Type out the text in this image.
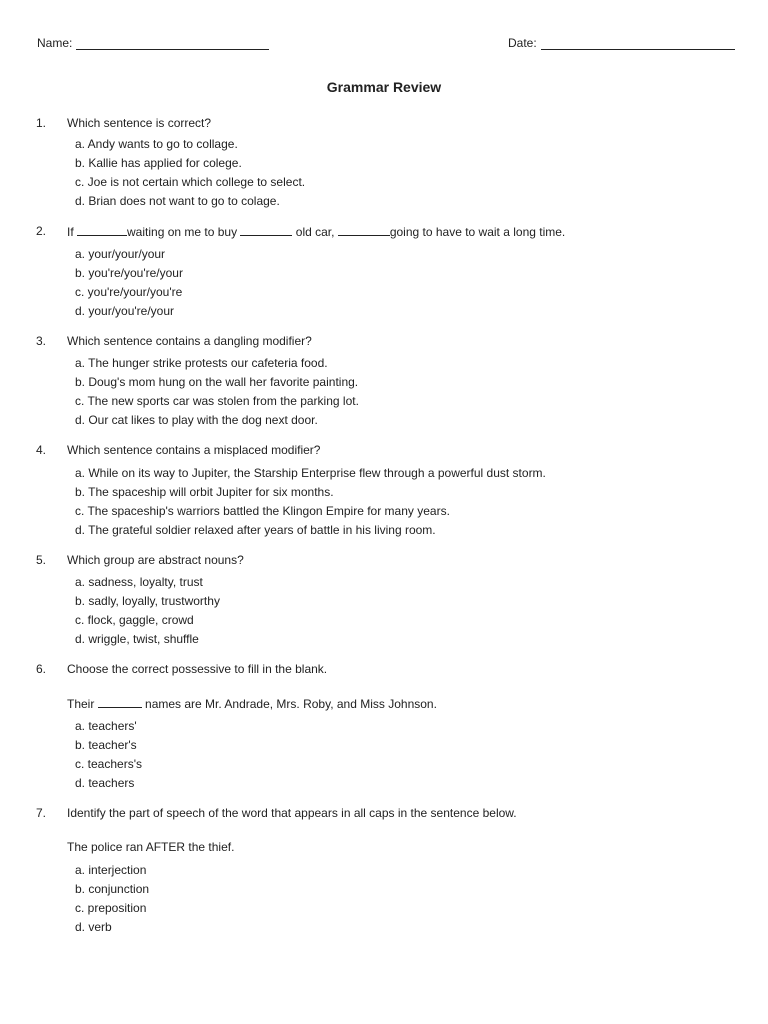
Name:	Date:
Grammar Review
1. Which sentence is correct?
a. Andy wants to go to collage.
b. Kallie has applied for colege.
c. Joe is not certain which college to select.
d. Brian does not want to go to colage.
2. If	waiting on me to buy	old car,	going to have to wait a long time.
a. your/your/your
b. you're/you're/your
c. you're/your/you're
d. your/you're/your
3. Which sentence contains a dangling modifier?
a. The hunger strike protests our cafeteria food.
b. Doug's mom hung on the wall her favorite painting.
c. The new sports car was stolen from the parking lot.
d. Our cat likes to play with the dog next door.
4. Which sentence contains a misplaced modifier?
a. While on its way to Jupiter, the Starship Enterprise flew through a powerful dust storm.
b. The spaceship will orbit Jupiter for six months.
c. The spaceship's warriors battled the Klingon Empire for many years.
d. The grateful soldier relaxed after years of battle in his living room.
5. Which group are abstract nouns?
a. sadness, loyalty, trust
b. sadly, loyally, trustworthy
c. flock, gaggle, crowd
d. wriggle, twist, shuffle
6. Choose the correct possessive to fill in the blank.
Their	names are Mr. Andrade, Mrs. Roby, and Miss Johnson.
a. teachers'
b. teacher's
c. teachers's
d. teachers
7. Identify the part of speech of the word that appears in all caps in the sentence below.
The police ran AFTER the thief.
a. interjection
b. conjunction
c. preposition
d. verb
